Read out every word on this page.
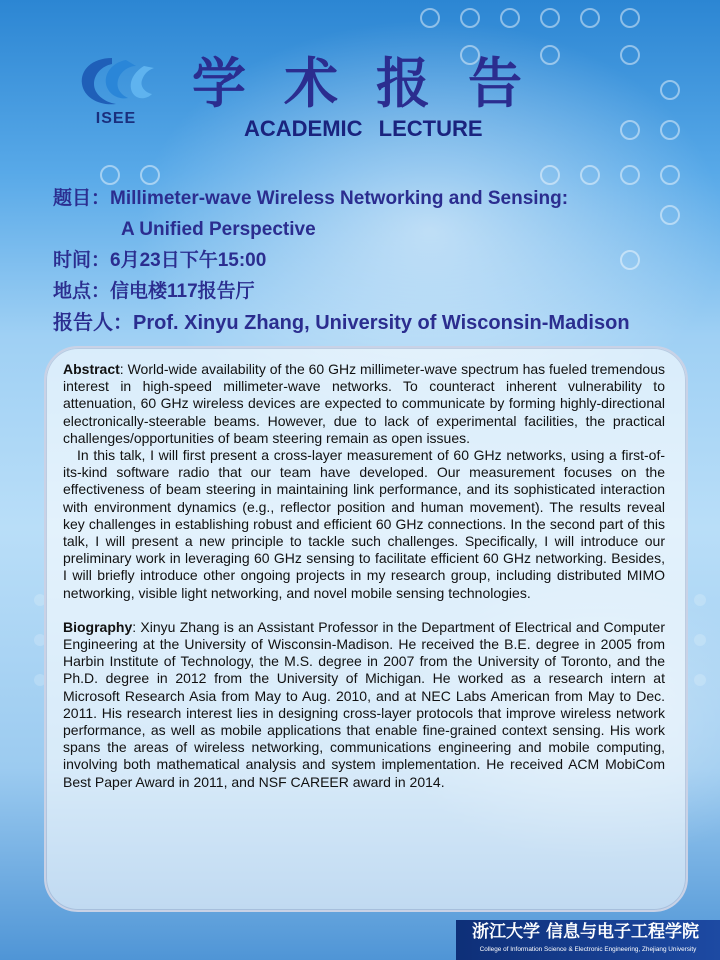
ISEE
学术报告
ACADEMIC LECTURE
题目：Millimeter-wave Wireless Networking and Sensing:
A Unified Perspective
时间：6月23日下午15:00
地点：信电楼117报告厅
报告人：Prof. Xinyu Zhang, University of Wisconsin-Madison

Abstract: World-wide availability of the 60 GHz millimeter-wave spectrum has fueled tremendous interest in high-speed millimeter-wave networks. To counteract inherent vulnerability to attenuation, 60 GHz wireless devices are expected to communicate by forming highly-directional electronically-steerable beams. However, due to lack of experimental facilities, the practical challenges/opportunities of beam steering remain as open issues.

In this talk, I will first present a cross-layer measurement of 60 GHz networks, using a first-of-its-kind software radio that our team have developed. Our measurement focuses on the effectiveness of beam steering in maintaining link performance, and its sophisticated interaction with environment dynamics (e.g., reflector position and human movement). The results reveal key challenges in establishing robust and efficient 60 GHz connections. In the second part of this talk, I will present a new principle to tackle such challenges. Specifically, I will introduce our preliminary work in leveraging 60 GHz sensing to facilitate efficient 60 GHz networking. Besides, I will briefly introduce other ongoing projects in my research group, including distributed MIMO networking, visible light networking, and novel mobile sensing technologies.

Biography: Xinyu Zhang is an Assistant Professor in the Department of Electrical and Computer Engineering at the University of Wisconsin-Madison. He received the B.E. degree in 2005 from Harbin Institute of Technology, the M.S. degree in 2007 from the University of Toronto, and the Ph.D. degree in 2012 from the University of Michigan. He worked as a research intern at Microsoft Research Asia from May to Aug. 2010, and at NEC Labs American from May to Dec. 2011. His research interest lies in designing cross-layer protocols that improve wireless network performance, as well as mobile applications that enable fine-grained context sensing. His work spans the areas of wireless networking, communications engineering and mobile computing, involving both mathematical analysis and system implementation. He received ACM MobiCom Best Paper Award in 2011, and NSF CAREER award in 2014.

浙江大学 信息与电子工程学院
College of Information Science & Electronic Engineering, Zhejiang University
